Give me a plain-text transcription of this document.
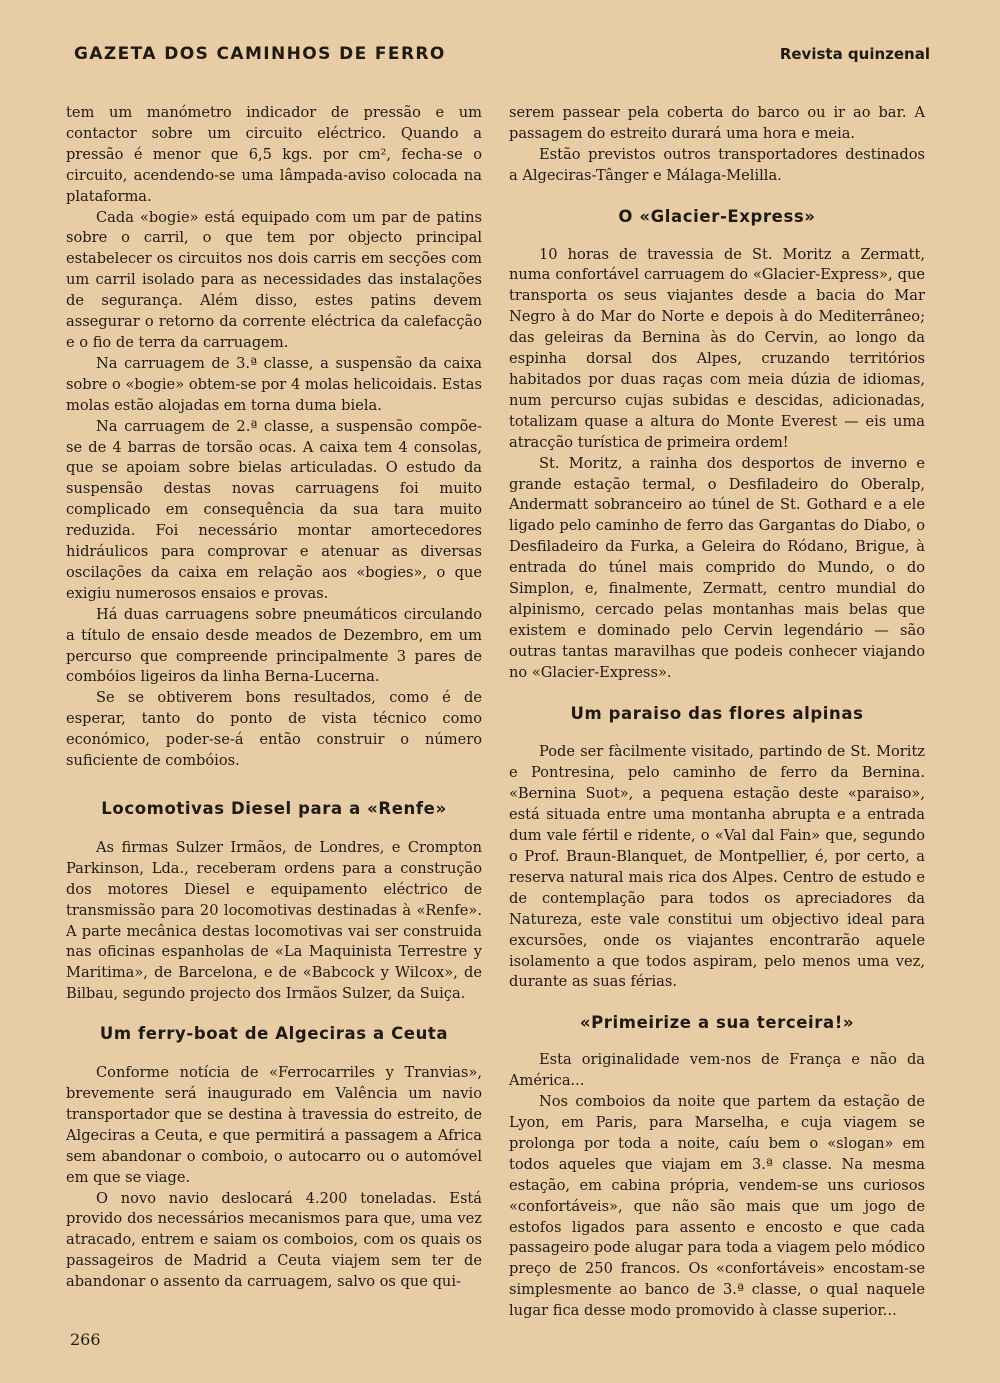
GAZETA DOS CAMINHOS DE FERRO	Revista quinzenal

tem um manómetro indicador de pressão e um contactor sobre um circuito eléctrico. Quando a pressão é menor que 6,5 kgs. por cm², fecha-se o circuito, acendendo-se uma lâmpada-aviso colocada na plataforma.

Cada «bogie» está equipado com um par de patins sobre o carril, o que tem por objecto principal estabelecer os circuitos nos dois carris em secções com um carril isolado para as necessidades das instalações de segurança. Além disso, estes patins devem assegurar o retorno da corrente eléctrica da calefacção e o fio de terra da carruagem.

Na carruagem de 3.ª classe, a suspensão da caixa sobre o «bogie» obtem-se por 4 molas helicoidais. Estas molas estão alojadas em torna duma biela.

Na carruagem de 2.ª classe, a suspensão compõe-se de 4 barras de torsão ocas. A caixa tem 4 consolas, que se apoiam sobre bielas articuladas. O estudo da suspensão destas novas carruagens foi muito complicado em consequência da sua tara muito reduzida. Foi necessário montar amortecedores hidráulicos para comprovar e atenuar as diversas oscilações da caixa em relação aos «bogies», o que exigiu numerosos ensaios e provas.

Há duas carruagens sobre pneumáticos circulando a título de ensaio desde meados de Dezembro, em um percurso que compreende principalmente 3 pares de combóios ligeiros da linha Berna-Lucerna.

Se se obtiverem bons resultados, como é de esperar, tanto do ponto de vista técnico como económico, poder-se-á então construir o número suficiente de combóios.

Locomotivas Diesel para a «Renfe»

As firmas Sulzer Irmãos, de Londres, e Crompton Parkinson, Lda., receberam ordens para a construção dos motores Diesel e equipamento eléctrico de transmissão para 20 locomotivas destinadas à «Renfe». A parte mecânica destas locomotivas vai ser construida nas oficinas espanholas de «La Maquinista Terrestre y Maritima», de Barcelona, e de «Babcock y Wilcox», de Bilbau, segundo projecto dos Irmãos Sulzer, da Suiça.

Um ferry-boat de Algeciras a Ceuta

Conforme notícia de «Ferrocarriles y Tranvias», brevemente será inaugurado em Valência um navio transportador que se destina à travessia do estreito, de Algeciras a Ceuta, e que permitirá a passagem a Africa sem abandonar o comboio, o autocarro ou o automóvel em que se viage.

O novo navio deslocará 4.200 toneladas. Está provido dos necessários mecanismos para que, uma vez atracado, entrem e saiam os comboios, com os quais os passageiros de Madrid a Ceuta viajem sem ter de abandonar o assento da carruagem, salvo os que qui-

serem passear pela coberta do barco ou ir ao bar. A passagem do estreito durará uma hora e meia.

Estão previstos outros transportadores destinados a Algeciras-Tânger e Málaga-Melilla.

O «Glacier-Express»

10 horas de travessia de St. Moritz a Zermatt, numa confortável carruagem do «Glacier-Express», que transporta os seus viajantes desde a bacia do Mar Negro à do Mar do Norte e depois à do Mediterrâneo; das geleiras da Bernina às do Cervin, ao longo da espinha dorsal dos Alpes, cruzando territórios habitados por duas raças com meia dúzia de idiomas, num percurso cujas subidas e descidas, adicionadas, totalizam quase a altura do Monte Everest — eis uma atracção turística de primeira ordem!

St. Moritz, a rainha dos desportos de inverno e grande estação termal, o Desfiladeiro do Oberalp, Andermatt sobranceiro ao túnel de St. Gothard e a ele ligado pelo caminho de ferro das Gargantas do Diabo, o Desfiladeiro da Furka, a Geleira do Ródano, Brigue, à entrada do túnel mais comprido do Mundo, o do Simplon, e, finalmente, Zermatt, centro mundial do alpinismo, cercado pelas montanhas mais belas que existem e dominado pelo Cervin legendário — são outras tantas maravilhas que podeis conhecer viajando no «Glacier-Express».

Um paraiso das flores alpinas

Pode ser fàcilmente visitado, partindo de St. Moritz e Pontresina, pelo caminho de ferro da Bernina. «Bernina Suot», a pequena estação deste «paraiso», está situada entre uma montanha abrupta e a entrada dum vale fértil e ridente, o «Val dal Fain» que, segundo o Prof. Braun-Blanquet, de Montpellier, é, por certo, a reserva natural mais rica dos Alpes. Centro de estudo e de contemplação para todos os apreciadores da Natureza, este vale constitui um objectivo ideal para excursões, onde os viajantes encontrarão aquele isolamento a que todos aspiram, pelo menos uma vez, durante as suas férias.

«Primeirize a sua terceira!»

Esta originalidade vem-nos de França e não da América...

Nos comboios da noite que partem da estação de Lyon, em Paris, para Marselha, e cuja viagem se prolonga por toda a noite, caíu bem o «slogan» em todos aqueles que viajam em 3.ª classe. Na mesma estação, em cabina própria, vendem-se uns curiosos «confortáveis», que não são mais que um jogo de estofos ligados para assento e encosto e que cada passageiro pode alugar para toda a viagem pelo módico preço de 250 francos. Os «confortáveis» encostam-se simplesmente ao banco de 3.ª classe, o qual naquele lugar fica desse modo promovido à classe superior...

266
